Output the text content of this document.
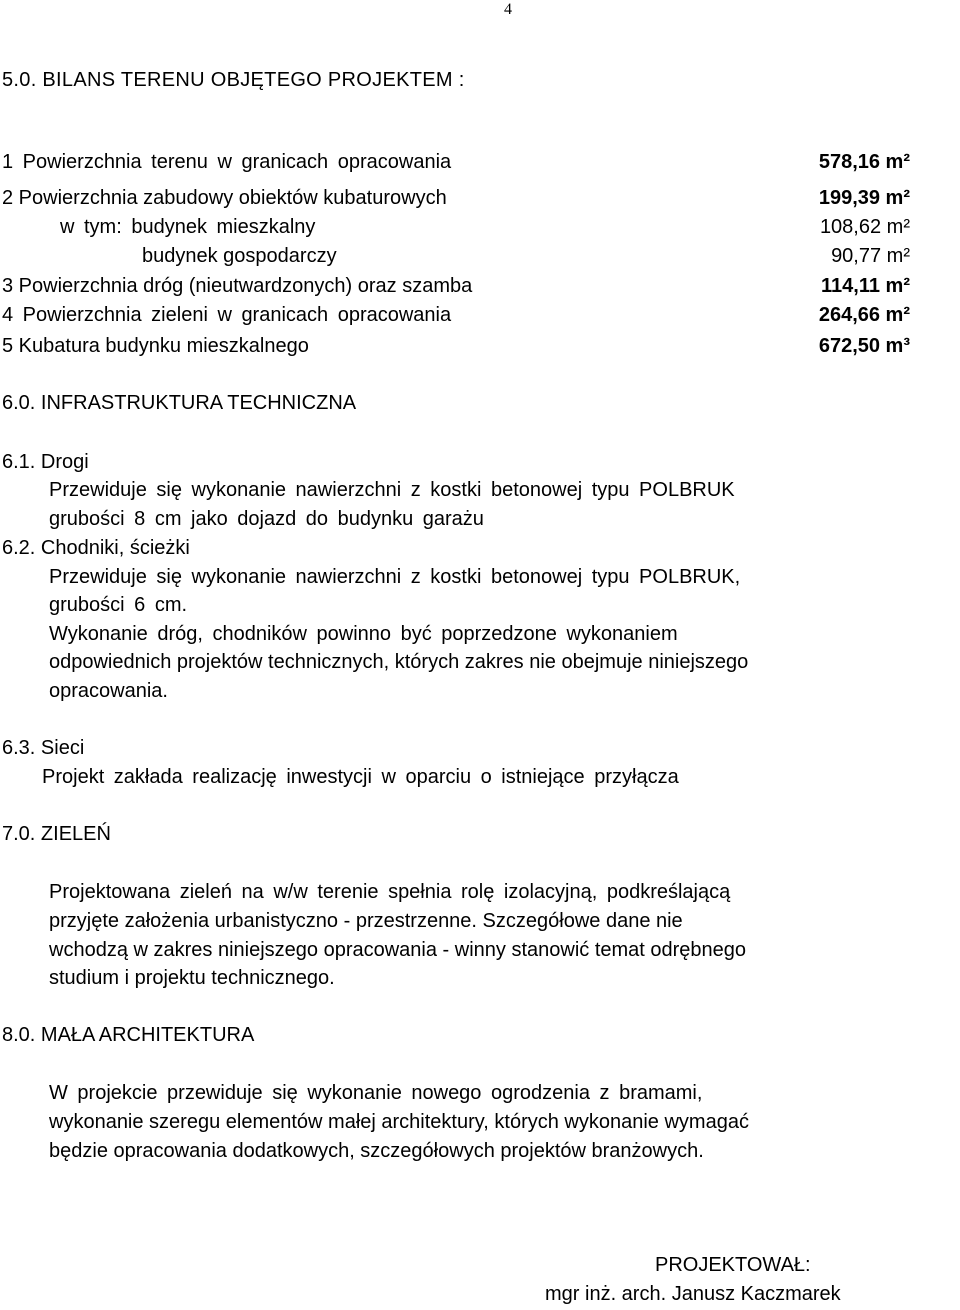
4
5.0. BILANS TERENU OBJĘTEGO PROJEKTEM :
1 Powierzchnia terenu w granicach opracowania	578,16 m²
2 Powierzchnia zabudowy obiektów kubaturowych	199,39 m²
w tym: budynek mieszkalny	108,62 m²
budynek gospodarczy	90,77 m²
3 Powierzchnia dróg (nieutwardzonych) oraz szamba	114,11 m²
4 Powierzchnia zieleni w granicach opracowania	264,66 m²
5 Kubatura budynku mieszkalnego	672,50 m³
6.0. INFRASTRUKTURA TECHNICZNA
6.1. Drogi
Przewiduje się wykonanie nawierzchni z kostki betonowej typu POLBRUK
grubości 8 cm jako dojazd do budynku garażu
6.2. Chodniki, ścieżki
Przewiduje się wykonanie nawierzchni z kostki betonowej typu POLBRUK,
grubości 6 cm.
Wykonanie dróg, chodników powinno być poprzedzone wykonaniem
odpowiednich projektów technicznych, których zakres nie obejmuje niniejszego
opracowania.
6.3. Sieci
Projekt zakłada realizację inwestycji w oparciu o istniejące przyłącza
7.0. ZIELEŃ
Projektowana zieleń na w/w terenie spełnia rolę izolacyjną, podkreślającą
przyjęte założenia urbanistyczno - przestrzenne. Szczegółowe dane nie
wchodzą w zakres niniejszego opracowania - winny stanowić temat odrębnego
studium i projektu technicznego.
8.0. MAŁA ARCHITEKTURA
W projekcie przewiduje się wykonanie nowego ogrodzenia z bramami,
wykonanie szeregu elementów małej architektury, których wykonanie wymagać
będzie opracowania dodatkowych, szczegółowych projektów branżowych.
PROJEKTOWAŁ:
mgr inż. arch. Janusz Kaczmarek
